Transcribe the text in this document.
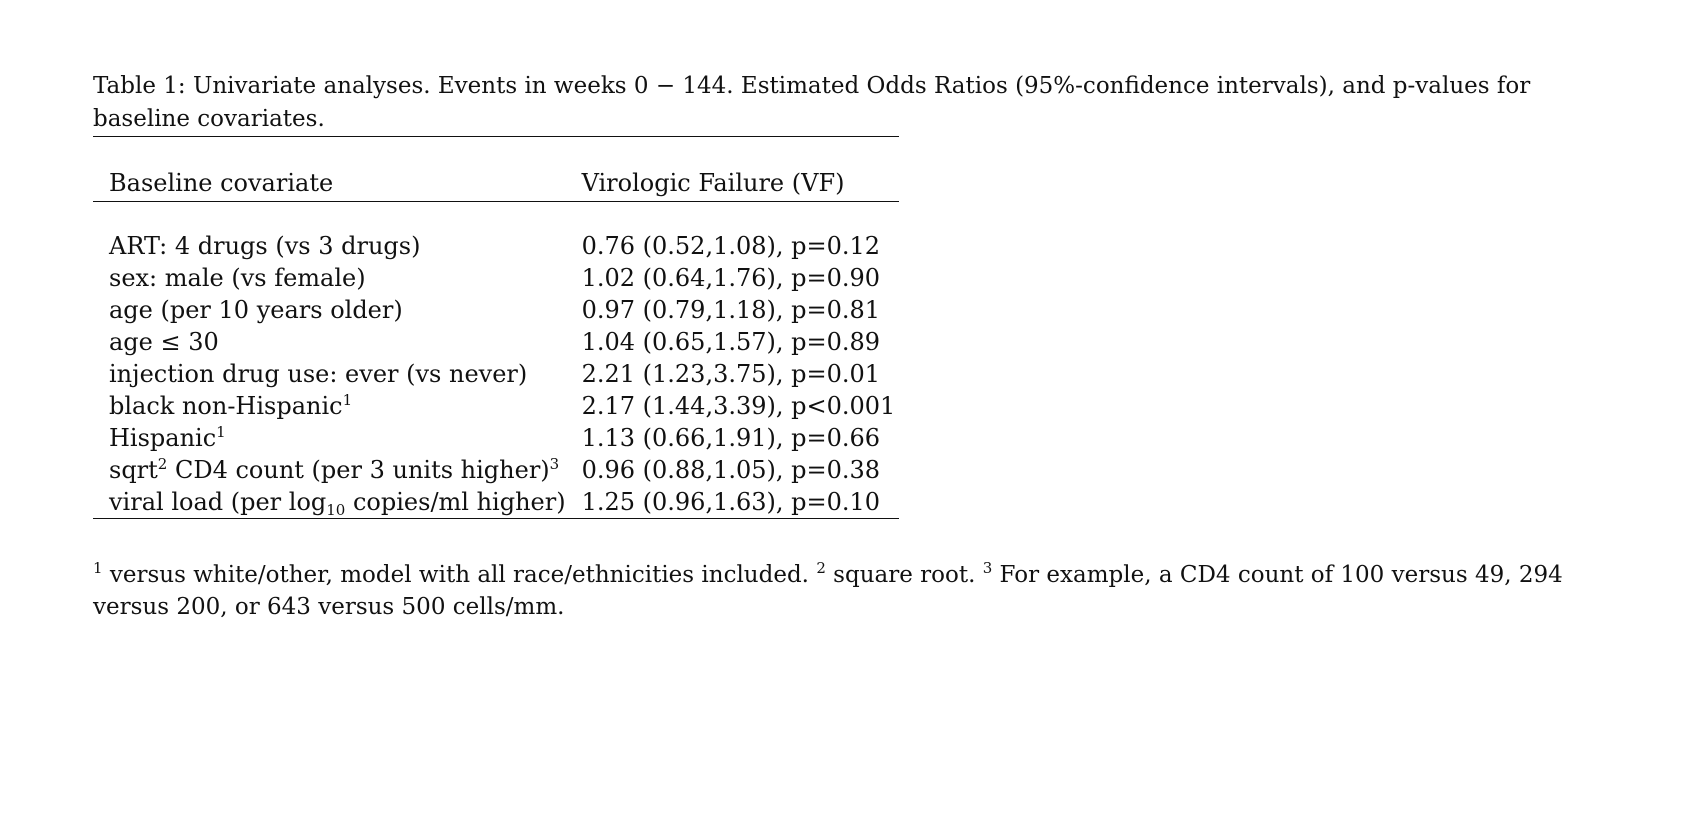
Table 1: Univariate analyses. Events in weeks 0 − 144. Estimated Odds Ratios (95%-confidence intervals), and p-values for baseline covariates.

Baseline covariate	Virologic Failure (VF)

ART: 4 drugs (vs 3 drugs)	0.76 (0.52,1.08), p=0.12
sex: male (vs female)	1.02 (0.64,1.76), p=0.90
age (per 10 years older)	0.97 (0.79,1.18), p=0.81
age ≤ 30	1.04 (0.65,1.57), p=0.89
injection drug use: ever (vs never)	2.21 (1.23,3.75), p=0.01
black non-Hispanic$^1$	2.17 (1.44,3.39), p<0.001
Hispanic$^1$	1.13 (0.66,1.91), p=0.66
sqrt$^2$ CD4 count (per 3 units higher)$^3$	0.96 (0.88,1.05), p=0.38
viral load (per $\log_{10}$ copies/ml higher)	1.25 (0.96,1.63), p=0.10
$^1$ versus white/other, model with all race/ethnicities included. $^2$ square root. $^3$ For example, a CD4 count of 100 versus 49, 294 versus 200, or 643 versus 500 cells/mm.
